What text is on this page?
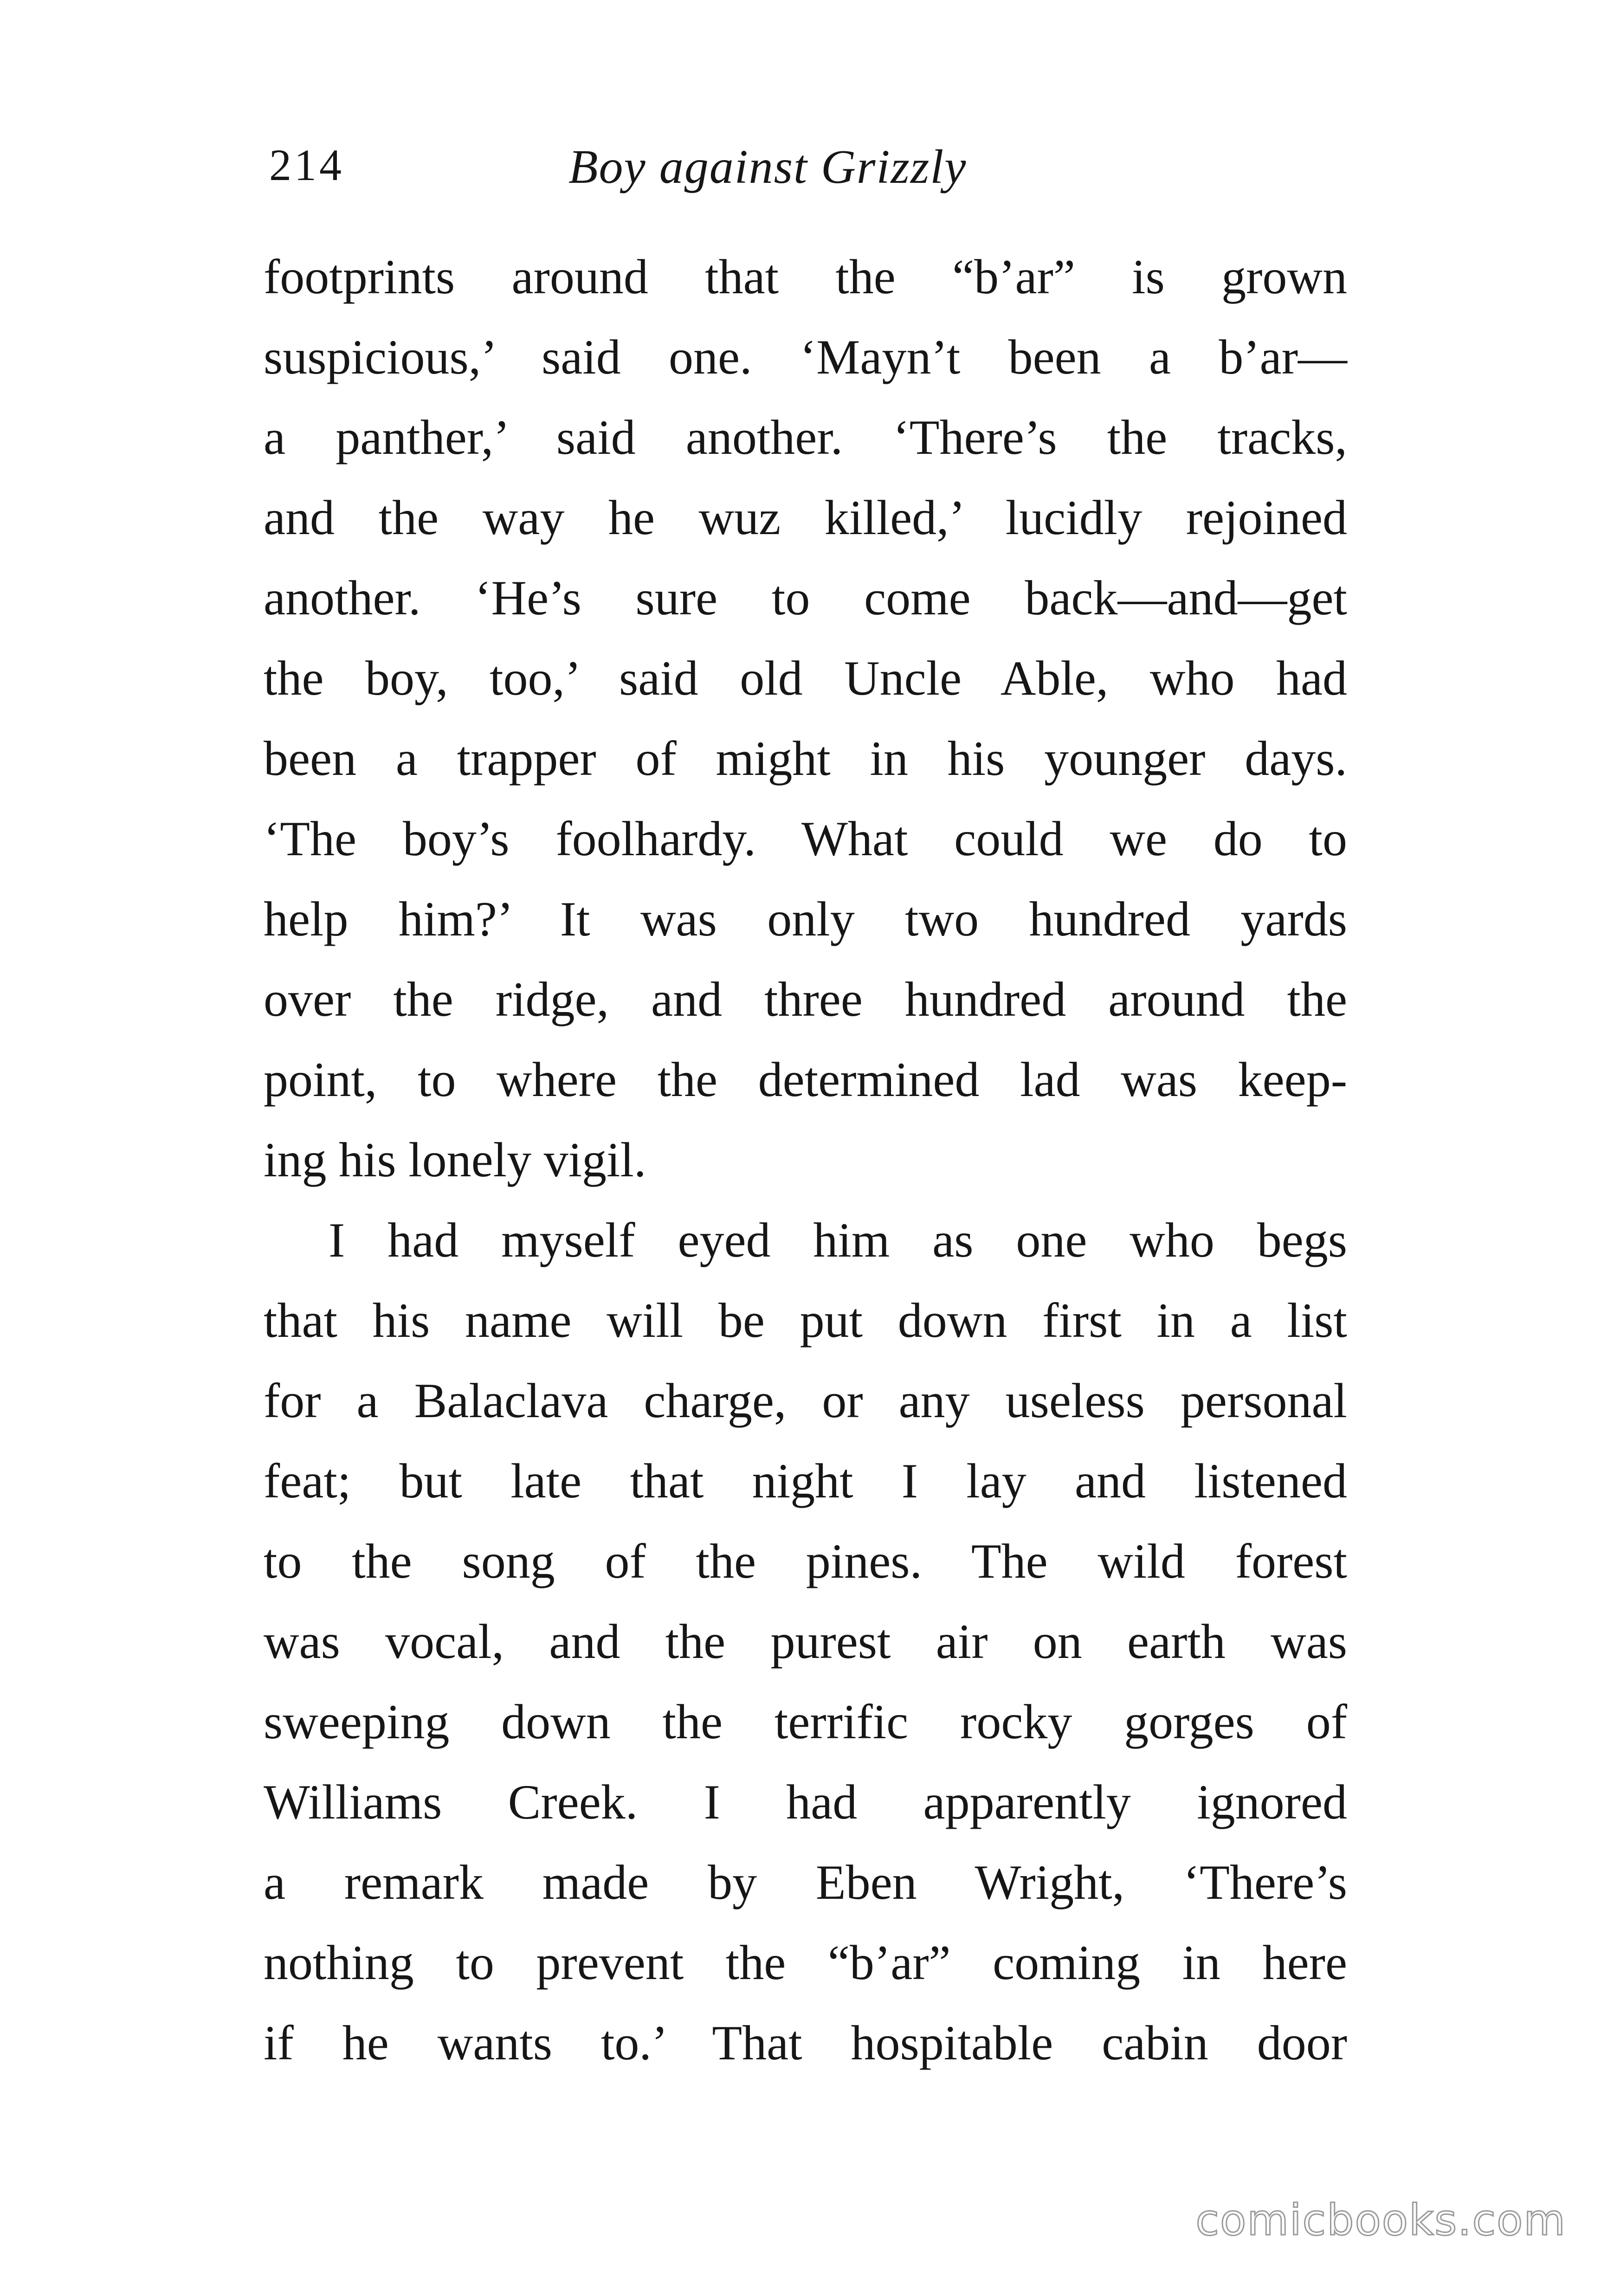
214	Boy against Grizzly
footprints around that the “b’ar” is grown
suspicious,’ said one. ‘Mayn’t been a b’ar—
a panther,’ said another. ‘There’s the tracks,
and the way he wuz killed,’ lucidly rejoined
another. ‘He’s sure to come back—and—get
the boy, too,’ said old Uncle Able, who had
been a trapper of might in his younger days.
‘The boy’s foolhardy. What could we do to
help him?’ It was only two hundred yards
over the ridge, and three hundred around the
point, to where the determined lad was keep-
ing his lonely vigil.
I had myself eyed him as one who begs
that his name will be put down first in a list
for a Balaclava charge, or any useless personal
feat; but late that night I lay and listened
to the song of the pines. The wild forest
was vocal, and the purest air on earth was
sweeping down the terrific rocky gorges of
Williams Creek. I had apparently ignored
a remark made by Eben Wright, ‘There’s
nothing to prevent the “b’ar” coming in here
if he wants to.’ That hospitable cabin door
comicbooks.com
